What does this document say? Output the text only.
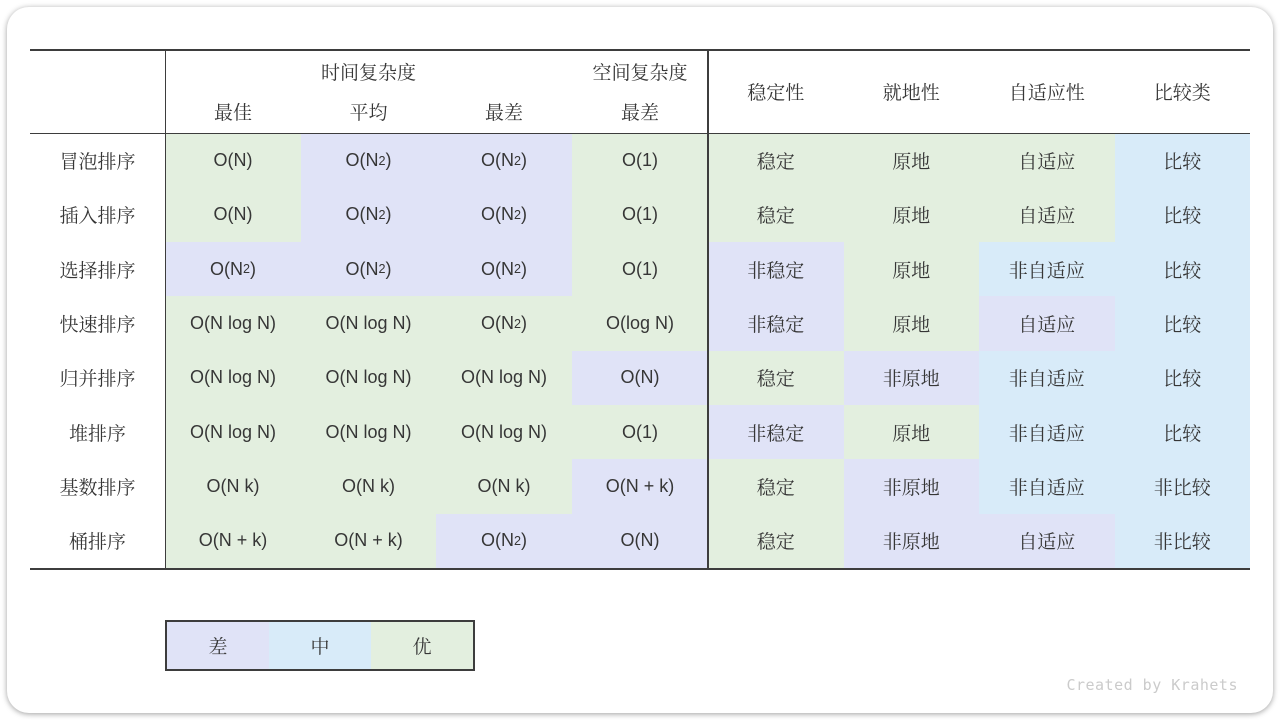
时间复杂度	空间复杂度
最佳	平均	最差	最差
稳定性	就地性	自适应性	比较类
冒泡排序	O(N)	O(N 2 )	O(N 2 )	O(1)	稳定	原地	自适应	比较
插入排序	O(N)	O(N 2 )	O(N 2 )	O(1)	稳定	原地	自适应	比较
选择排序	O(N 2 )	O(N 2 )	O(N 2 )	O(1)	非稳定	原地	非自适应	比较
快速排序	O(N log N)	O(N log N)	O(N 2 )	O(log N)	非稳定	原地	自适应	比较
归并排序	O(N log N)	O(N log N)	O(N log N)	O(N)	稳定	非原地	非自适应	比较
堆排序	O(N log N)	O(N log N)	O(N log N)	O(1)	非稳定	原地	非自适应	比较
基数排序	O(N k)	O(N k)	O(N k)	O(N + k)	稳定	非原地	非自适应	非比较
桶排序	O(N + k)	O(N + k)	O(N 2 )	O(N)	稳定	非原地	自适应	非比较
差	中	优
Created by Krahets
